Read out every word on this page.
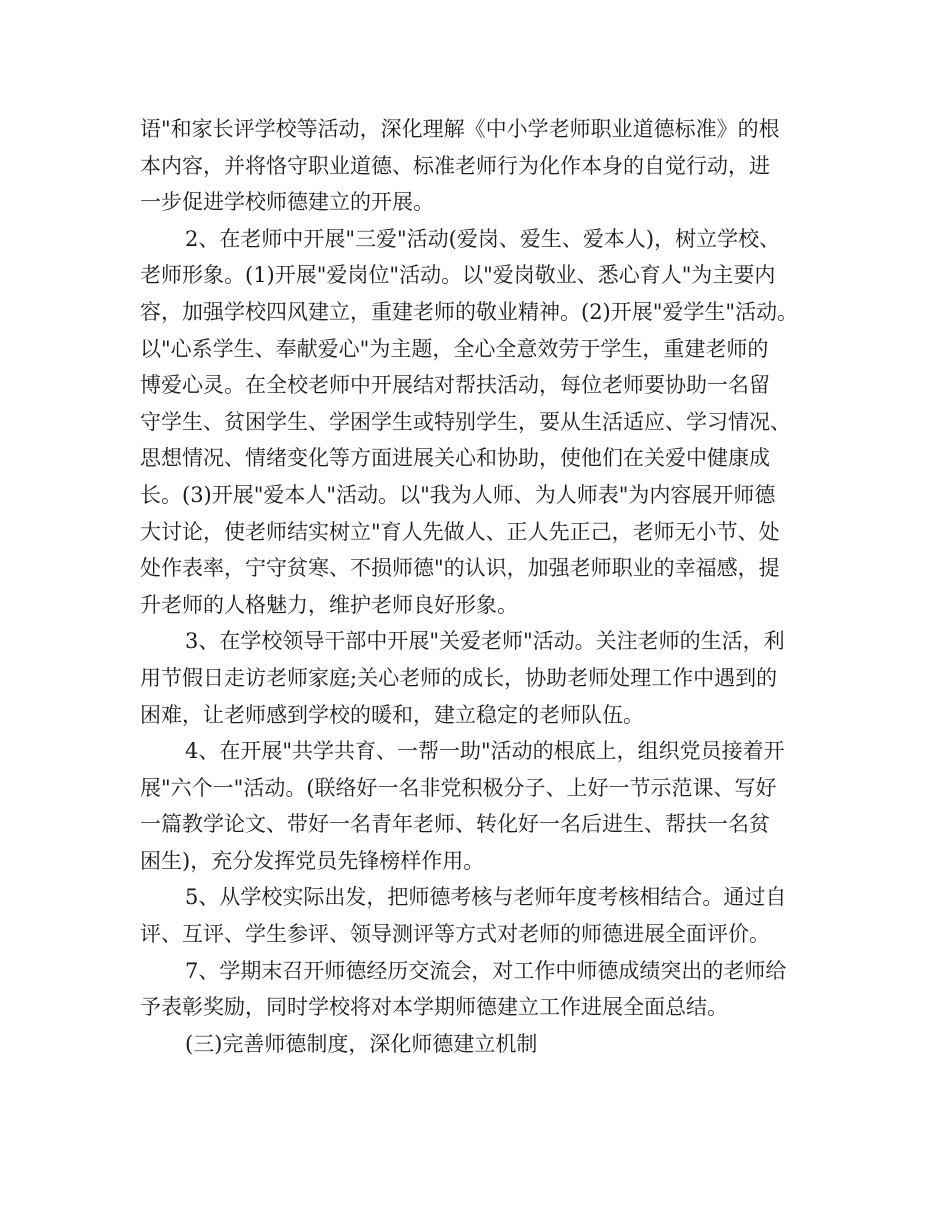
语"和家长评学校等活动，深化理解《中小学老师职业道德标准》的根
本内容，并将恪守职业道德、标准老师行为化作本身的自觉行动，进
一步促进学校师德建立的开展。
2、在老师中开展"三爱"活动(爱岗、爱生、爱本人)，树立学校、
老师形象。(1)开展"爱岗位"活动。以"爱岗敬业、悉心育人"为主要内
容，加强学校四风建立，重建老师的敬业精神。(2)开展"爱学生"活动。
以"心系学生、奉献爱心"为主题，全心全意效劳于学生，重建老师的
博爱心灵。在全校老师中开展结对帮扶活动，每位老师要协助一名留
守学生、贫困学生、学困学生或特别学生，要从生活适应、学习情况、
思想情况、情绪变化等方面进展关心和协助，使他们在关爱中健康成
长。(3)开展"爱本人"活动。以"我为人师、为人师表"为内容展开师德
大讨论，使老师结实树立"育人先做人、正人先正己，老师无小节、处
处作表率，宁守贫寒、不损师德"的认识，加强老师职业的幸福感，提
升老师的人格魅力，维护老师良好形象。
3、在学校领导干部中开展"关爱老师"活动。关注老师的生活，利
用节假日走访老师家庭;关心老师的成长，协助老师处理工作中遇到的
困难，让老师感到学校的暖和，建立稳定的老师队伍。
4、在开展"共学共育、一帮一助"活动的根底上，组织党员接着开
展"六个一"活动。(联络好一名非党积极分子、上好一节示范课、写好
一篇教学论文、带好一名青年老师、转化好一名后进生、帮扶一名贫
困生)，充分发挥党员先锋榜样作用。
5、从学校实际出发，把师德考核与老师年度考核相结合。通过自
评、互评、学生参评、领导测评等方式对老师的师德进展全面评价。
7、学期末召开师德经历交流会，对工作中师德成绩突出的老师给
予表彰奖励，同时学校将对本学期师德建立工作进展全面总结。
(三)完善师德制度，深化师德建立机制
